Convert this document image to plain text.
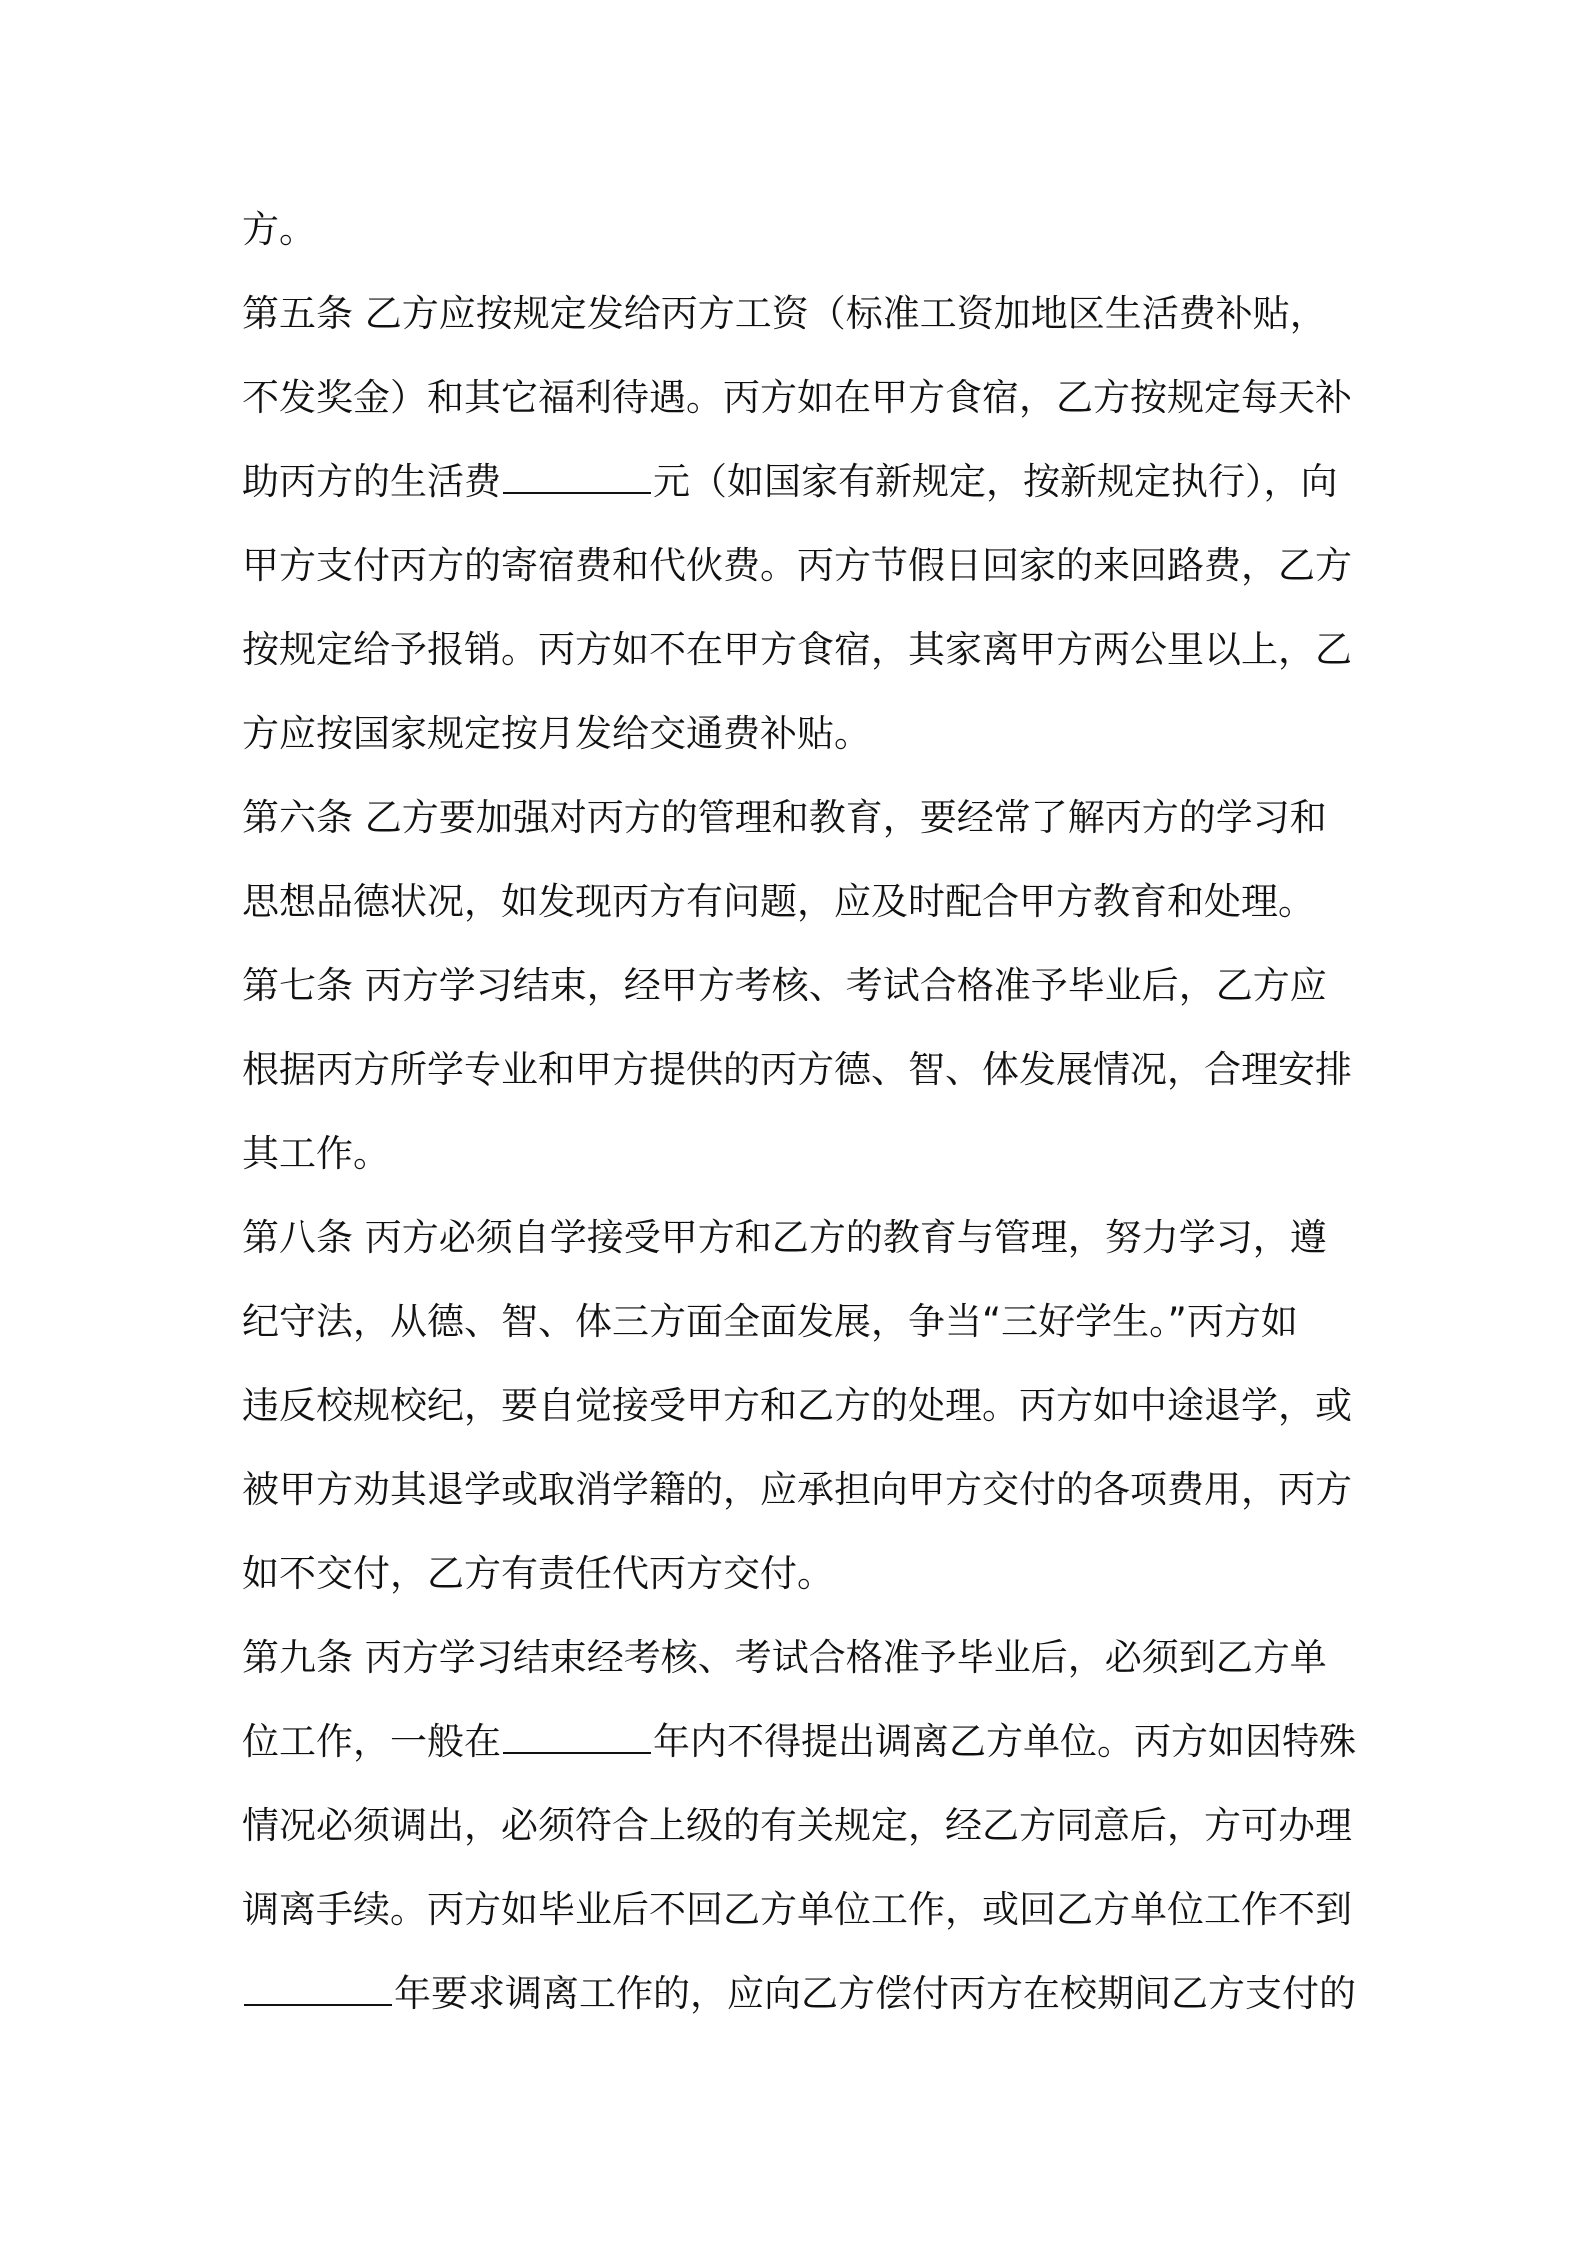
方。
第五条 乙方应按规定发给丙方工资（标准工资加地区生活费补贴，
不发奖金）和其它福利待遇。丙方如在甲方食宿，乙方按规定每天补
助丙方的生活费	元（如国家有新规定，按新规定执行），向
甲方支付丙方的寄宿费和代伙费。丙方节假日回家的来回路费，乙方
按规定给予报销。丙方如不在甲方食宿，其家离甲方两公里以上，乙
方应按国家规定按月发给交通费补贴。
第六条 乙方要加强对丙方的管理和教育，要经常了解丙方的学习和
思想品德状况，如发现丙方有问题，应及时配合甲方教育和处理。
第七条 丙方学习结束，经甲方考核、考试合格准予毕业后，乙方应
根据丙方所学专业和甲方提供的丙方德、智、体发展情况，合理安排
其工作。
第八条 丙方必须自学接受甲方和乙方的教育与管理，努力学习，遵
纪守法，从德、智、体三方面全面发展，争当“三好学生。”丙方如
违反校规校纪，要自觉接受甲方和乙方的处理。丙方如中途退学，或
被甲方劝其退学或取消学籍的，应承担向甲方交付的各项费用，丙方
如不交付，乙方有责任代丙方交付。
第九条 丙方学习结束经考核、考试合格准予毕业后，必须到乙方单
位工作，一般在	年内不得提出调离乙方单位。丙方如因特殊
情况必须调出，必须符合上级的有关规定，经乙方同意后，方可办理
调离手续。丙方如毕业后不回乙方单位工作，或回乙方单位工作不到
年要求调离工作的，应向乙方偿付丙方在校期间乙方支付的
